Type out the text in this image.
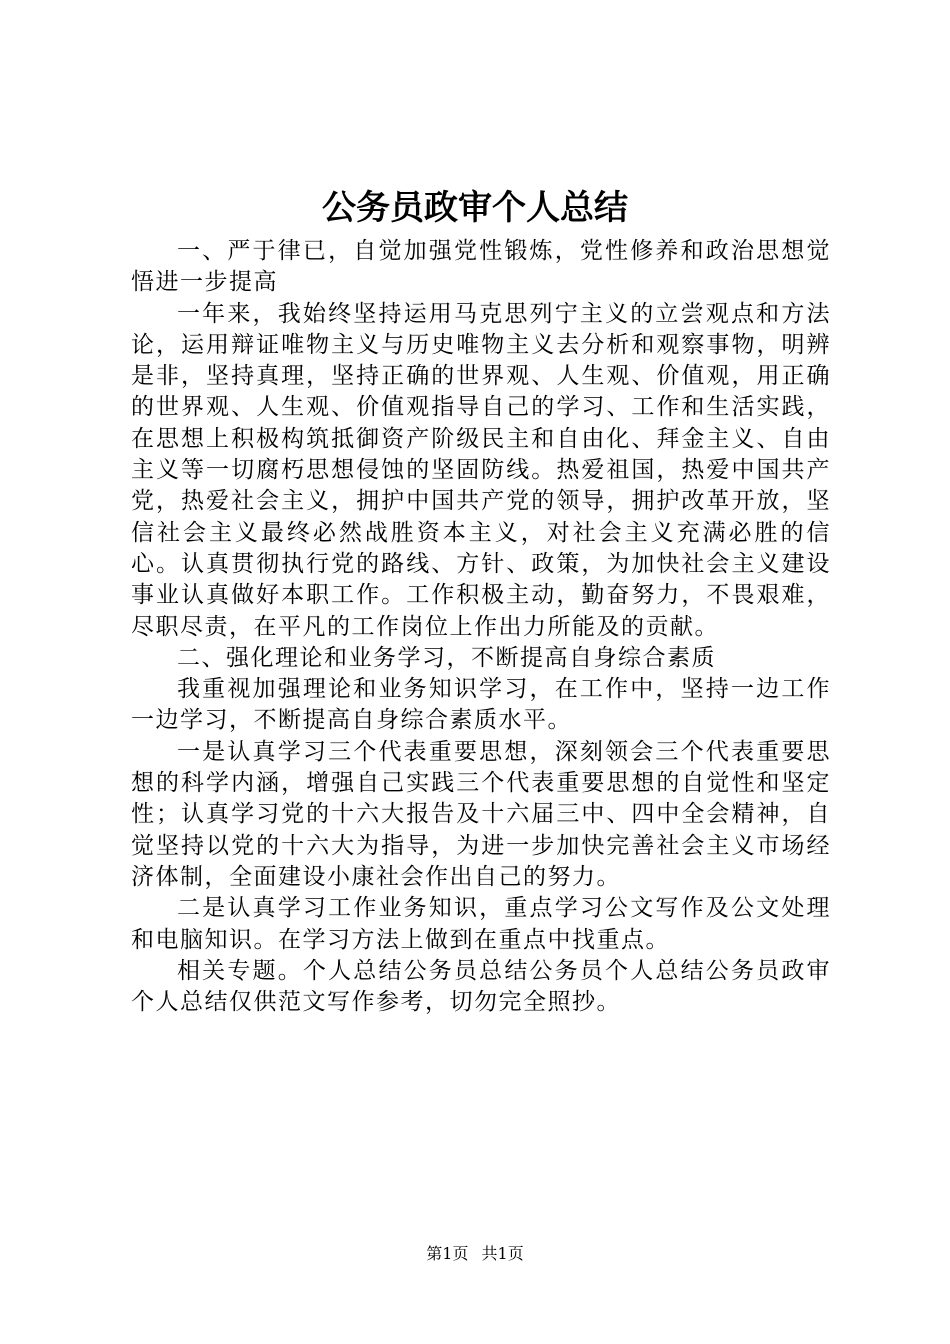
公务员政审个人总结

一、严于律已，自觉加强党性锻炼，党性修养和政治思想觉悟进一步提高

一年来，我始终坚持运用马克思列宁主义的立尝观点和方法论，运用辩证唯物主义与历史唯物主义去分析和观察事物，明辨是非，坚持真理，坚持正确的世界观、人生观、价值观，用正确的世界观、人生观、价值观指导自己的学习、工作和生活实践，在思想上积极构筑抵御资产阶级民主和自由化、拜金主义、自由主义等一切腐朽思想侵蚀的坚固防线。热爱祖国，热爱中国共产党，热爱社会主义，拥护中国共产党的领导，拥护改革开放，坚信社会主义最终必然战胜资本主义，对社会主义充满必胜的信心。认真贯彻执行党的路线、方针、政策，为加快社会主义建设事业认真做好本职工作。工作积极主动，勤奋努力，不畏艰难，尽职尽责，在平凡的工作岗位上作出力所能及的贡献。

二、强化理论和业务学习，不断提高自身综合素质

我重视加强理论和业务知识学习，在工作中，坚持一边工作一边学习，不断提高自身综合素质水平。

一是认真学习三个代表重要思想，深刻领会三个代表重要思想的科学内涵，增强自己实践三个代表重要思想的自觉性和坚定性；认真学习党的十六大报告及十六届三中、四中全会精神，自觉坚持以党的十六大为指导，为进一步加快完善社会主义市场经济体制，全面建设小康社会作出自己的努力。

二是认真学习工作业务知识，重点学习公文写作及公文处理和电脑知识。在学习方法上做到在重点中找重点。

相关专题。个人总结公务员总结公务员个人总结公务员政审个人总结仅供范文写作参考，切勿完全照抄。

第1页 共1页
